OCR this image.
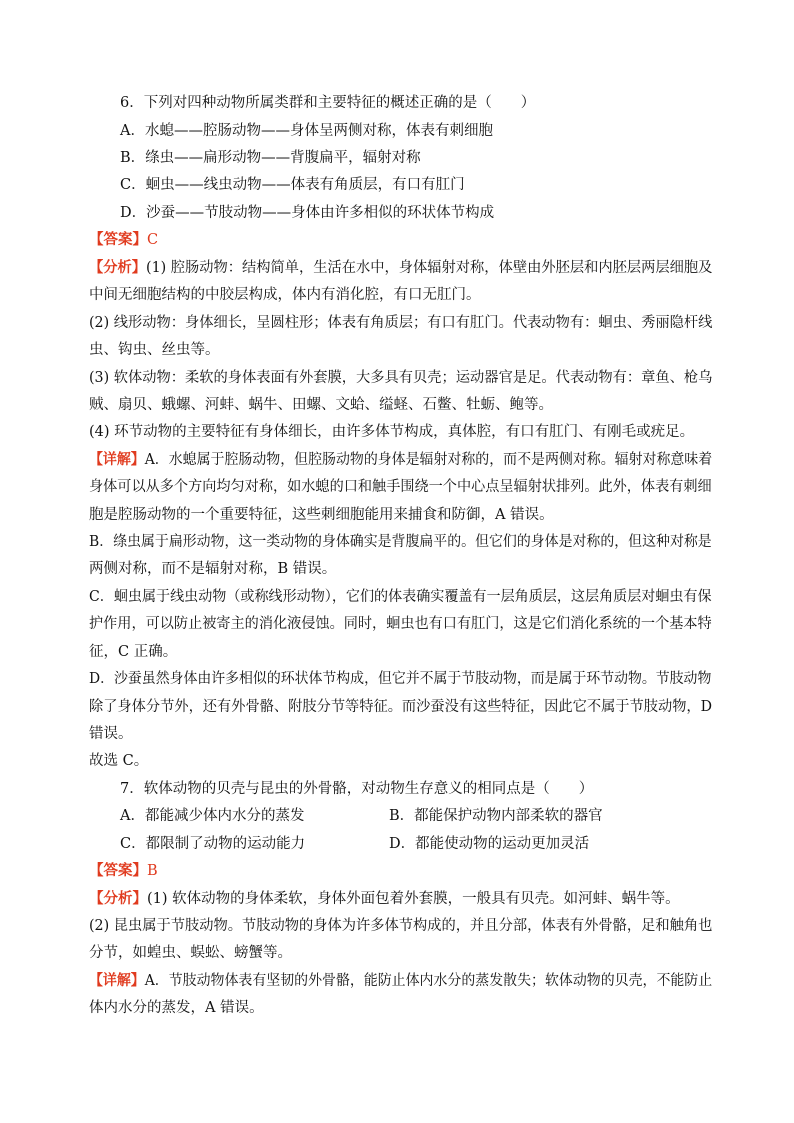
6．下列对四种动物所属类群和主要特征的概述正确的是（　　）
A．水螅——腔肠动物——身体呈两侧对称，体表有刺细胞
B．绦虫——扁形动物——背腹扁平，辐射对称
C．蛔虫——线虫动物——体表有角质层，有口有肛门
D．沙蚕——节肢动物——身体由许多相似的环状体节构成
【答案】C
【分析】(1) 腔肠动物：结构简单，生活在水中，身体辐射对称，体壁由外胚层和内胚层两层细胞及
中间无细胞结构的中胶层构成，体内有消化腔，有口无肛门。
(2) 线形动物：身体细长，呈圆柱形；体表有角质层；有口有肛门。代表动物有：蛔虫、秀丽隐杆线
虫、钩虫、丝虫等。
(3) 软体动物：柔软的身体表面有外套膜，大多具有贝壳；运动器官是足。代表动物有：章鱼、枪乌
贼、扇贝、蛾螺、河蚌、蜗牛、田螺、文蛤、缢蛏、石鳖、牡蛎、鲍等。
(4) 环节动物的主要特征有身体细长，由许多体节构成，真体腔，有口有肛门、有刚毛或疣足。
【详解】A．水螅属于腔肠动物，但腔肠动物的身体是辐射对称的，而不是两侧对称。辐射对称意味着
身体可以从多个方向均匀对称，如水螅的口和触手围绕一个中心点呈辐射状排列。此外，体表有刺细
胞是腔肠动物的一个重要特征，这些刺细胞能用来捕食和防御，A 错误。
B．绦虫属于扁形动物，这一类动物的身体确实是背腹扁平的。但它们的身体是对称的，但这种对称是
两侧对称，而不是辐射对称，B 错误。
C．蛔虫属于线虫动物（或称线形动物），它们的体表确实覆盖有一层角质层，这层角质层对蛔虫有保
护作用，可以防止被寄主的消化液侵蚀。同时，蛔虫也有口有肛门，这是它们消化系统的一个基本特
征，C 正确。
D．沙蚕虽然身体由许多相似的环状体节构成，但它并不属于节肢动物，而是属于环节动物。节肢动物
除了身体分节外，还有外骨骼、附肢分节等特征。而沙蚕没有这些特征，因此它不属于节肢动物，D
错误。
故选 C。
7．软体动物的贝壳与昆虫的外骨骼，对动物生存意义的相同点是（　　）
A．都能减少体内水分的蒸发	B．都能保护动物内部柔软的器官
C．都限制了动物的运动能力	D．都能使动物的运动更加灵活
【答案】B
【分析】(1) 软体动物的身体柔软，身体外面包着外套膜，一般具有贝壳。如河蚌、蜗牛等。
(2) 昆虫属于节肢动物。节肢动物的身体为许多体节构成的，并且分部，体表有外骨骼，足和触角也
分节，如蝗虫、蜈蚣、螃蟹等。
【详解】A．节肢动物体表有坚韧的外骨骼，能防止体内水分的蒸发散失；软体动物的贝壳，不能防止
体内水分的蒸发，A 错误。
